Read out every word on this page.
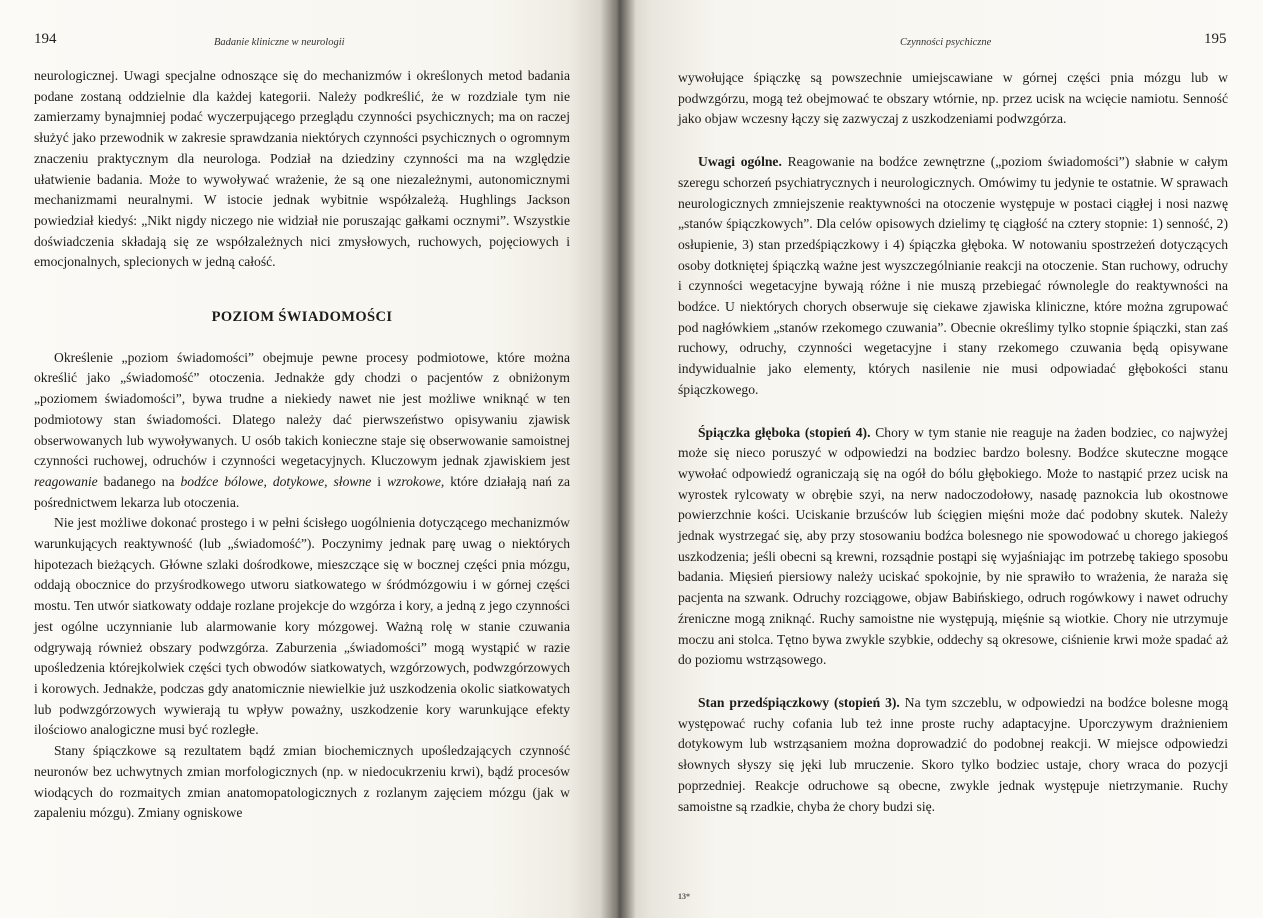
194	Badanie kliniczne w neurologii

neurologicznej. Uwagi specjalne odnoszące się do mechanizmów i określonych metod badania podane zostaną oddzielnie dla każdej kategorii. Należy podkreślić, że w rozdziale tym nie zamierzamy bynajmniej podać wyczerpującego przeglądu czynności psychicznych; ma on raczej służyć jako przewodnik w zakresie sprawdzania niektórych czynności psychicznych o ogromnym znaczeniu praktycznym dla neurologa. Podział na dziedziny czynności ma na względzie ułatwienie badania. Może to wywoływać wrażenie, że są one niezależnymi, autonomicznymi mechanizmami neuralnymi. W istocie jednak wybitnie współzależą. Hughlings Jackson powiedział kiedyś: „Nikt nigdy niczego nie widział nie poruszając gałkami ocznymi”. Wszystkie doświadczenia składają się ze współzależnych nici zmysłowych, ruchowych, pojęciowych i emocjonalnych, splecionych w jedną całość.

POZIOM ŚWIADOMOŚCI

Określenie „poziom świadomości” obejmuje pewne procesy podmiotowe, które można określić jako „świadomość” otoczenia. Jednakże gdy chodzi o pacjentów z obniżonym „poziomem świadomości”, bywa trudne a niekiedy nawet nie jest możliwe wniknąć w ten podmiotowy stan świadomości. Dlatego należy dać pierwszeństwo opisywaniu zjawisk obserwowanych lub wywoływanych. U osób takich konieczne staje się obserwowanie samoistnej czynności ruchowej, odruchów i czynności wegetacyjnych. Kluczowym jednak zjawiskiem jest reagowanie badanego na bodźce bólowe, dotykowe, słowne i wzrokowe, które działają nań za pośrednictwem lekarza lub otoczenia.

Nie jest możliwe dokonać prostego i w pełni ścisłego uogólnienia dotyczącego mechanizmów warunkujących reaktywność (lub „świadomość”). Poczynimy jednak parę uwag o niektórych hipotezach bieżących. Główne szlaki dośrodkowe, mieszczące się w bocznej części pnia mózgu, oddają obocznice do przyśrodkowego utworu siatkowatego w śródmózgowiu i w górnej części mostu. Ten utwór siatkowaty oddaje rozlane projekcje do wzgórza i kory, a jedną z jego czynności jest ogólne uczynnianie lub alarmowanie kory mózgowej. Ważną rolę w stanie czuwania odgrywają również obszary podwzgórza. Zaburzenia „świadomości” mogą wystąpić w razie upośledzenia którejkolwiek części tych obwodów siatkowatych, wzgórzowych, podwzgórzowych i korowych. Jednakże, podczas gdy anatomicznie niewielkie już uszkodzenia okolic siatkowatych lub podwzgórzowych wywierają tu wpływ poważny, uszkodzenie kory warunkujące efekty ilościowo analogiczne musi być rozległe.

Stany śpiączkowe są rezultatem bądź zmian biochemicznych upośledzających czynność neuronów bez uchwytnych zmian morfologicznych (np. w niedocukrzeniu krwi), bądź procesów wiodących do rozmaitych zmian anatomopatologicznych z rozlanym zajęciem mózgu (jak w zapaleniu mózgu). Zmiany ogniskowe

Czynności psychiczne	195

wywołujące śpiączkę są powszechnie umiejscawiane w górnej części pnia mózgu lub w podwzgórzu, mogą też obejmować te obszary wtórnie, np. przez ucisk na wcięcie namiotu. Senność jako objaw wczesny łączy się zazwyczaj z uszkodzeniami podwzgórza.

Uwagi ogólne. Reagowanie na bodźce zewnętrzne („poziom świadomości”) słabnie w całym szeregu schorzeń psychiatrycznych i neurologicznych. Omówimy tu jedynie te ostatnie. W sprawach neurologicznych zmniejszenie reaktywności na otoczenie występuje w postaci ciągłej i nosi nazwę „stanów śpiączkowych”. Dla celów opisowych dzielimy tę ciągłość na cztery stopnie: 1) senność, 2) osłupienie, 3) stan przedśpiączkowy i 4) śpiączka głęboka. W notowaniu spostrzeżeń dotyczących osoby dotkniętej śpiączką ważne jest wyszczególnianie reakcji na otoczenie. Stan ruchowy, odruchy i czynności wegetacyjne bywają różne i nie muszą przebiegać równolegle do reaktywności na bodźce. U niektórych chorych obserwuje się ciekawe zjawiska kliniczne, które można zgrupować pod nagłówkiem „stanów rzekomego czuwania”. Obecnie określimy tylko stopnie śpiączki, stan zaś ruchowy, odruchy, czynności wegetacyjne i stany rzekomego czuwania będą opisywane indywidualnie jako elementy, których nasilenie nie musi odpowiadać głębokości stanu śpiączkowego.

Śpiączka głęboka (stopień 4). Chory w tym stanie nie reaguje na żaden bodziec, co najwyżej może się nieco poruszyć w odpowiedzi na bodziec bardzo bolesny. Bodźce skuteczne mogące wywołać odpowiedź ograniczają się na ogół do bólu głębokiego. Może to nastąpić przez ucisk na wyrostek rylcowaty w obrębie szyi, na nerw nadoczodołowy, nasadę paznokcia lub okostnowe powierzchnie kości. Uciskanie brzuśców lub ścięgien mięśni może dać podobny skutek. Należy jednak wystrzegać się, aby przy stosowaniu bodźca bolesnego nie spowodować u chorego jakiegoś uszkodzenia; jeśli obecni są krewni, rozsądnie postąpi się wyjaśniając im potrzebę takiego sposobu badania. Mięsień piersiowy należy uciskać spokojnie, by nie sprawiło to wrażenia, że naraża się pacjenta na szwank. Odruchy rozciągowe, objaw Babińskiego, odruch rogówkowy i nawet odruchy źreniczne mogą zniknąć. Ruchy samoistne nie występują, mięśnie są wiotkie. Chory nie utrzymuje moczu ani stolca. Tętno bywa zwykle szybkie, oddechy są okresowe, ciśnienie krwi może spadać aż do poziomu wstrząsowego.

Stan przedśpiączkowy (stopień 3). Na tym szczeblu, w odpowiedzi na bodźce bolesne mogą występować ruchy cofania lub też inne proste ruchy adaptacyjne. Uporczywym drażnieniem dotykowym lub wstrząsaniem można doprowadzić do podobnej reakcji. W miejsce odpowiedzi słownych słyszy się jęki lub mruczenie. Skoro tylko bodziec ustaje, chory wraca do pozycji poprzedniej. Reakcje odruchowe są obecne, zwykle jednak występuje nietrzymanie. Ruchy samoistne są rzadkie, chyba że chory budzi się.

13*
